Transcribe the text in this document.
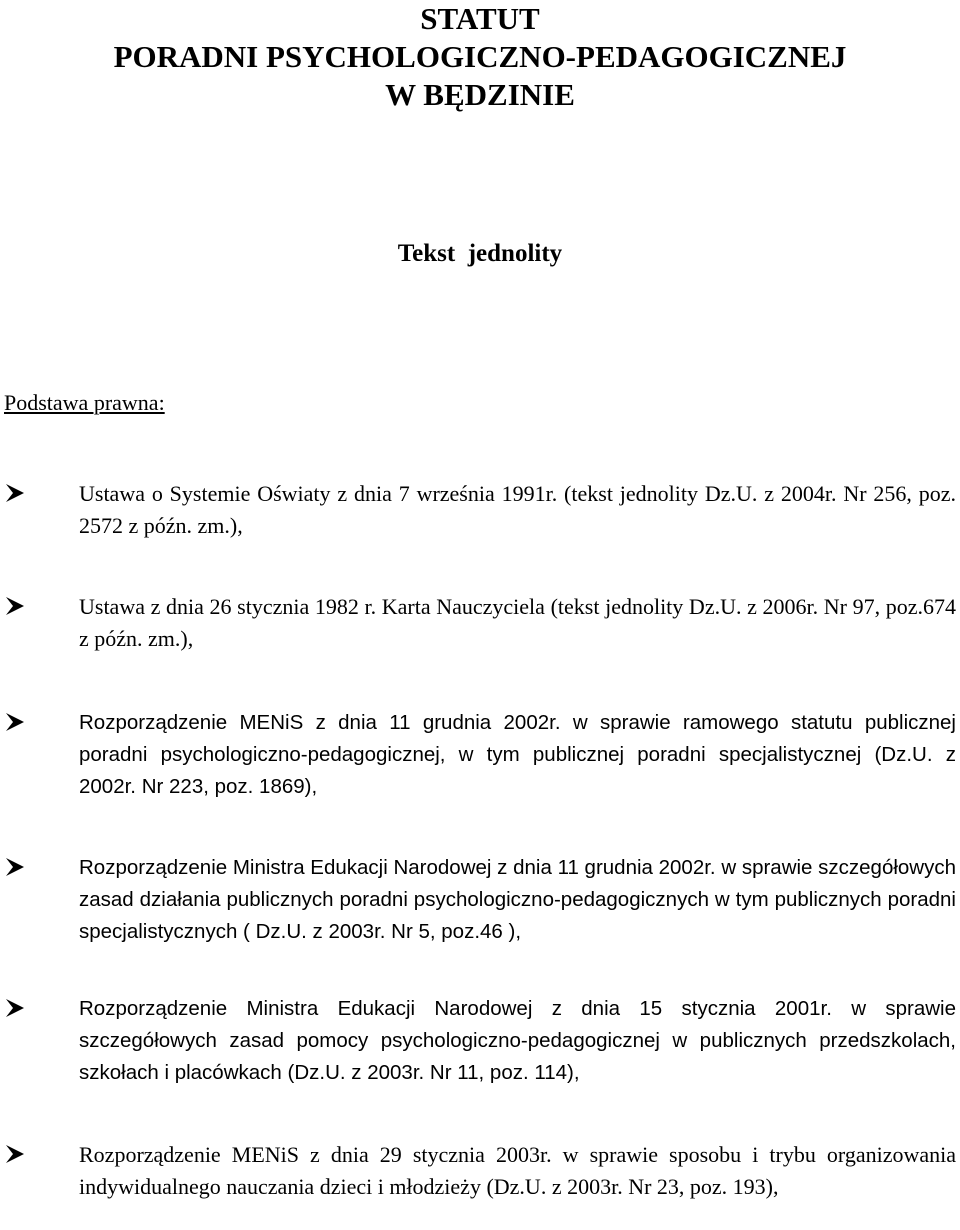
STATUT
PORADNI PSYCHOLOGICZNO-PEDAGOGICZNEJ
W BĘDZINIE
Tekst  jednolity
Podstawa prawna:
Ustawa o Systemie Oświaty z dnia 7 września 1991r. (tekst jednolity Dz.U. z 2004r. Nr 256, poz. 2572 z późn. zm.),
Ustawa z dnia 26 stycznia 1982 r. Karta Nauczyciela (tekst jednolity Dz.U. z 2006r. Nr 97, poz.674 z późn. zm.),
Rozporządzenie MENiS z dnia 11 grudnia 2002r. w sprawie ramowego statutu publicznej poradni psychologiczno-pedagogicznej, w tym publicznej poradni specjalistycznej (Dz.U. z 2002r. Nr 223, poz. 1869),
Rozporządzenie Ministra Edukacji Narodowej z dnia 11 grudnia 2002r. w sprawie szczegółowych zasad działania publicznych poradni psychologiczno-pedagogicznych w tym publicznych poradni specjalistycznych ( Dz.U. z 2003r. Nr 5, poz.46 ),
Rozporządzenie Ministra Edukacji Narodowej z dnia 15 stycznia 2001r. w sprawie szczegółowych zasad pomocy psychologiczno-pedagogicznej w publicznych przedszkolach, szkołach i placówkach (Dz.U. z 2003r. Nr 11, poz. 114),
Rozporządzenie MENiS z dnia 29 stycznia 2003r. w sprawie sposobu i trybu organizowania indywidualnego nauczania dzieci i młodzieży (Dz.U. z 2003r. Nr 23, poz. 193),
